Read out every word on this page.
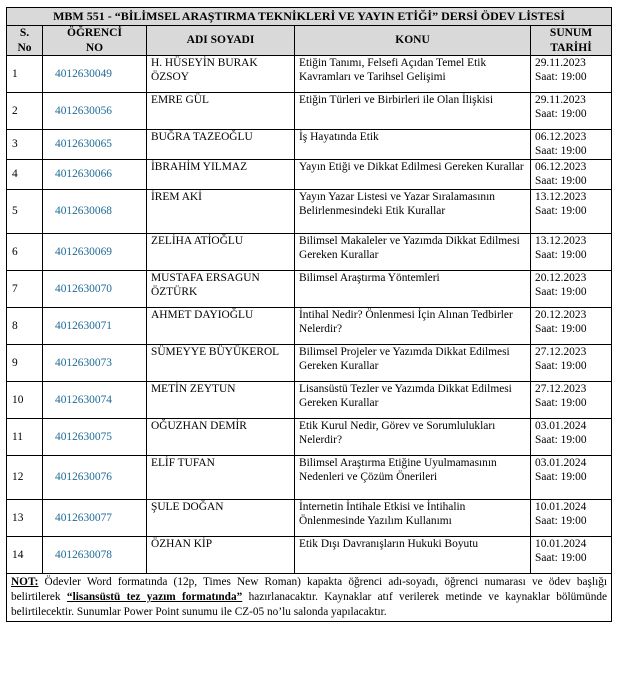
MBM 551 - “BİLİMSEL ARAŞTIRMA TEKNİKLERİ VE YAYIN ETİĞİ” DERSİ ÖDEV LİSTESİ				

S.
No	ÖĞRENCİ
NO	ADI SOYADI	KONU	SUNUM
TARİHİ

1	4012630049	H. HÜSEYİN BURAK ÖZSOY	Etiğin Tanımı, Felsefi Açıdan Temel Etik Kavramları ve Tarihsel Gelişimi	29.11.2023
Saat: 19:00

2	4012630056	EMRE GÜL	Etiğin Türleri ve Birbirleri ile Olan İlişkisi	29.11.2023
Saat: 19:00

3	4012630065	BUĞRA TAZEOĞLU	İş Hayatında Etik	06.12.2023
Saat: 19:00

4	4012630066	İBRAHİM YILMAZ	Yayın Etiği ve Dikkat Edilmesi Gereken Kurallar	06.12.2023
Saat: 19:00

5	4012630068	İREM AKİ	Yayın Yazar Listesi ve Yazar Sıralamasının Belirlenmesindeki Etik Kurallar	13.12.2023
Saat: 19:00

6	4012630069	ZELİHA ATİOĞLU	Bilimsel Makaleler ve Yazımda Dikkat Edilmesi Gereken Kurallar	13.12.2023
Saat: 19:00

7	4012630070	MUSTAFA ERSAGUN ÖZTÜRK	Bilimsel Araştırma Yöntemleri	20.12.2023
Saat: 19:00

8	4012630071	AHMET DAYIOĞLU	İntihal Nedir? Önlenmesi İçin Alınan Tedbirler Nelerdir?	20.12.2023
Saat: 19:00

9	4012630073	SÜMEYYE BÜYÜKEROL	Bilimsel Projeler ve Yazımda Dikkat Edilmesi Gereken Kurallar	27.12.2023
Saat: 19:00

10	4012630074	METİN ZEYTUN	Lisansüstü Tezler ve Yazımda Dikkat Edilmesi Gereken Kurallar	27.12.2023
Saat: 19:00

11	4012630075	OĞUZHAN DEMİR	Etik Kurul Nedir, Görev ve Sorumlulukları Nelerdir?	03.01.2024
Saat: 19:00

12	4012630076	ELİF TUFAN	Bilimsel Araştırma Etiğine Uyulmamasının Nedenleri ve Çözüm Önerileri	03.01.2024
Saat: 19:00

13	4012630077	ŞULE DOĞAN	İnternetin İntihale Etkisi ve İntihalin Önlenmesinde Yazılım Kullanımı	10.01.2024
Saat: 19:00

14	4012630078	ÖZHAN KİP	Etik Dışı Davranışların Hukuki Boyutu	10.01.2024
Saat: 19:00

NOT: Ödevler Word formatında (12p, Times New Roman) kapakta öğrenci adı-soyadı, öğrenci numarası ve ödev başlığı belirtilerek “lisansüstü tez yazım formatında” hazırlanacaktır. Kaynaklar atıf verilerek metinde ve kaynaklar bölümünde belirtilecektir. Sunumlar Power Point sunumu ile CZ-05 no’lu salonda yapılacaktır.				
